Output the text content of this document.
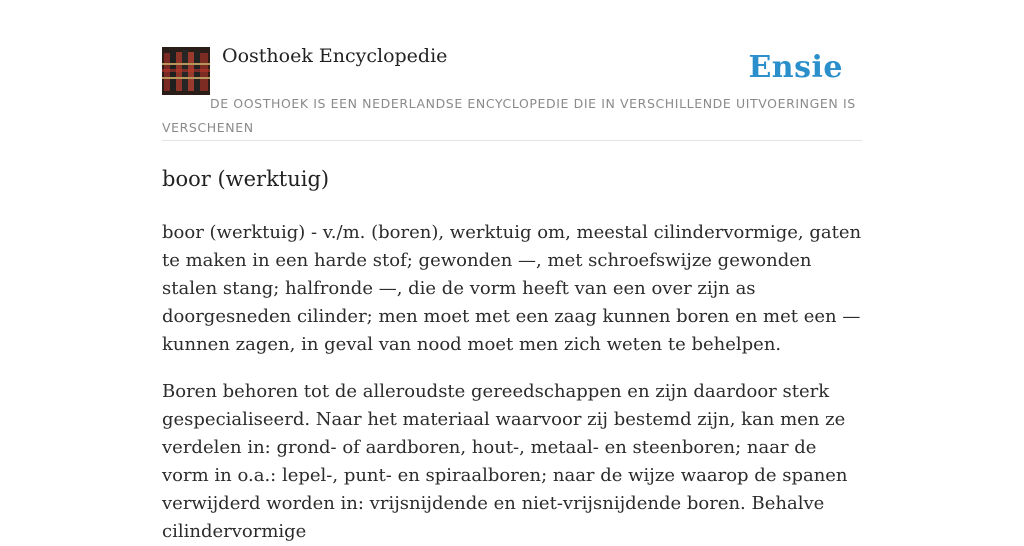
Oosthoek Encyclopedie	Ensie
DE OOSTHOEK IS EEN NEDERLANDSE ENCYCLOPEDIE DIE IN VERSCHILLENDE UITVOERINGEN IS VERSCHENEN
boor (werktuig)

boor (werktuig) - v./m. (boren), werktuig om, meestal cilindervormige, gaten te maken in een harde stof; gewonden —, met schroefswijze gewonden stalen stang; halfronde —, die de vorm heeft van een over zijn as doorgesneden cilinder; men moet met een zaag kunnen boren en met een — kunnen zagen, in geval van nood moet men zich weten te behelpen.

Boren behoren tot de alleroudste gereedschappen en zijn daardoor sterk gespecialiseerd. Naar het materiaal waarvoor zij bestemd zijn, kan men ze verdelen in: grond- of aardboren, hout-, metaal- en steenboren; naar de vorm in o.a.: lepel-, punt- en spiraalboren; naar de wijze waarop de spanen verwijderd worden in: vrijsnijdende en niet-vrijsnijdende boren. Behalve cilindervormige
